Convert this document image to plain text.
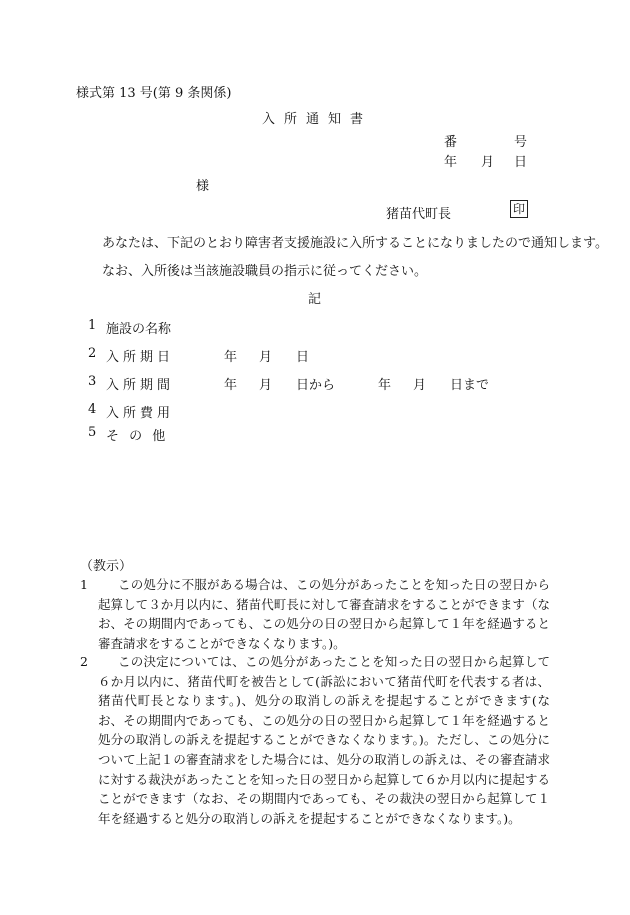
様式第 13 号(第 9 条関係)
入所通知書
番	号
年 月 日
様
猪苗代町長	印
あなたは、下記のとおり障害者支援施設に入所することになりましたので通知します。
なお、入所後は当該施設職員の指示に従ってください。
記
1 施設の名称
2 入所期日	年 月 日
3 入所期間	年 月 日から	年 月 日まで
4 入所費用
5 そ の 他
（教示）
1	この処分に不服がある場合は、この処分があったことを知った日の翌日から起算して３か月以内に、猪苗代町長に対して審査請求をすることができます（なお、その期間内であっても、この処分の日の翌日から起算して１年を経過すると審査請求をすることができなくなります。)。
2	この決定については、この処分があったことを知った日の翌日から起算して６か月以内に、猪苗代町を被告として(訴訟において猪苗代町を代表する者は、猪苗代町長となります。)、処分の取消しの訴えを提起することができます(なお、その期間内であっても、この処分の日の翌日から起算して１年を経過すると処分の取消しの訴えを提起することができなくなります。)。ただし、この処分について上記１の審査請求をした場合には、処分の取消しの訴えは、その審査請求に対する裁決があったことを知った日の翌日から起算して６か月以内に提起することができます（なお、その期間内であっても、その裁決の翌日から起算して１年を経過すると処分の取消しの訴えを提起することができなくなります。)。
